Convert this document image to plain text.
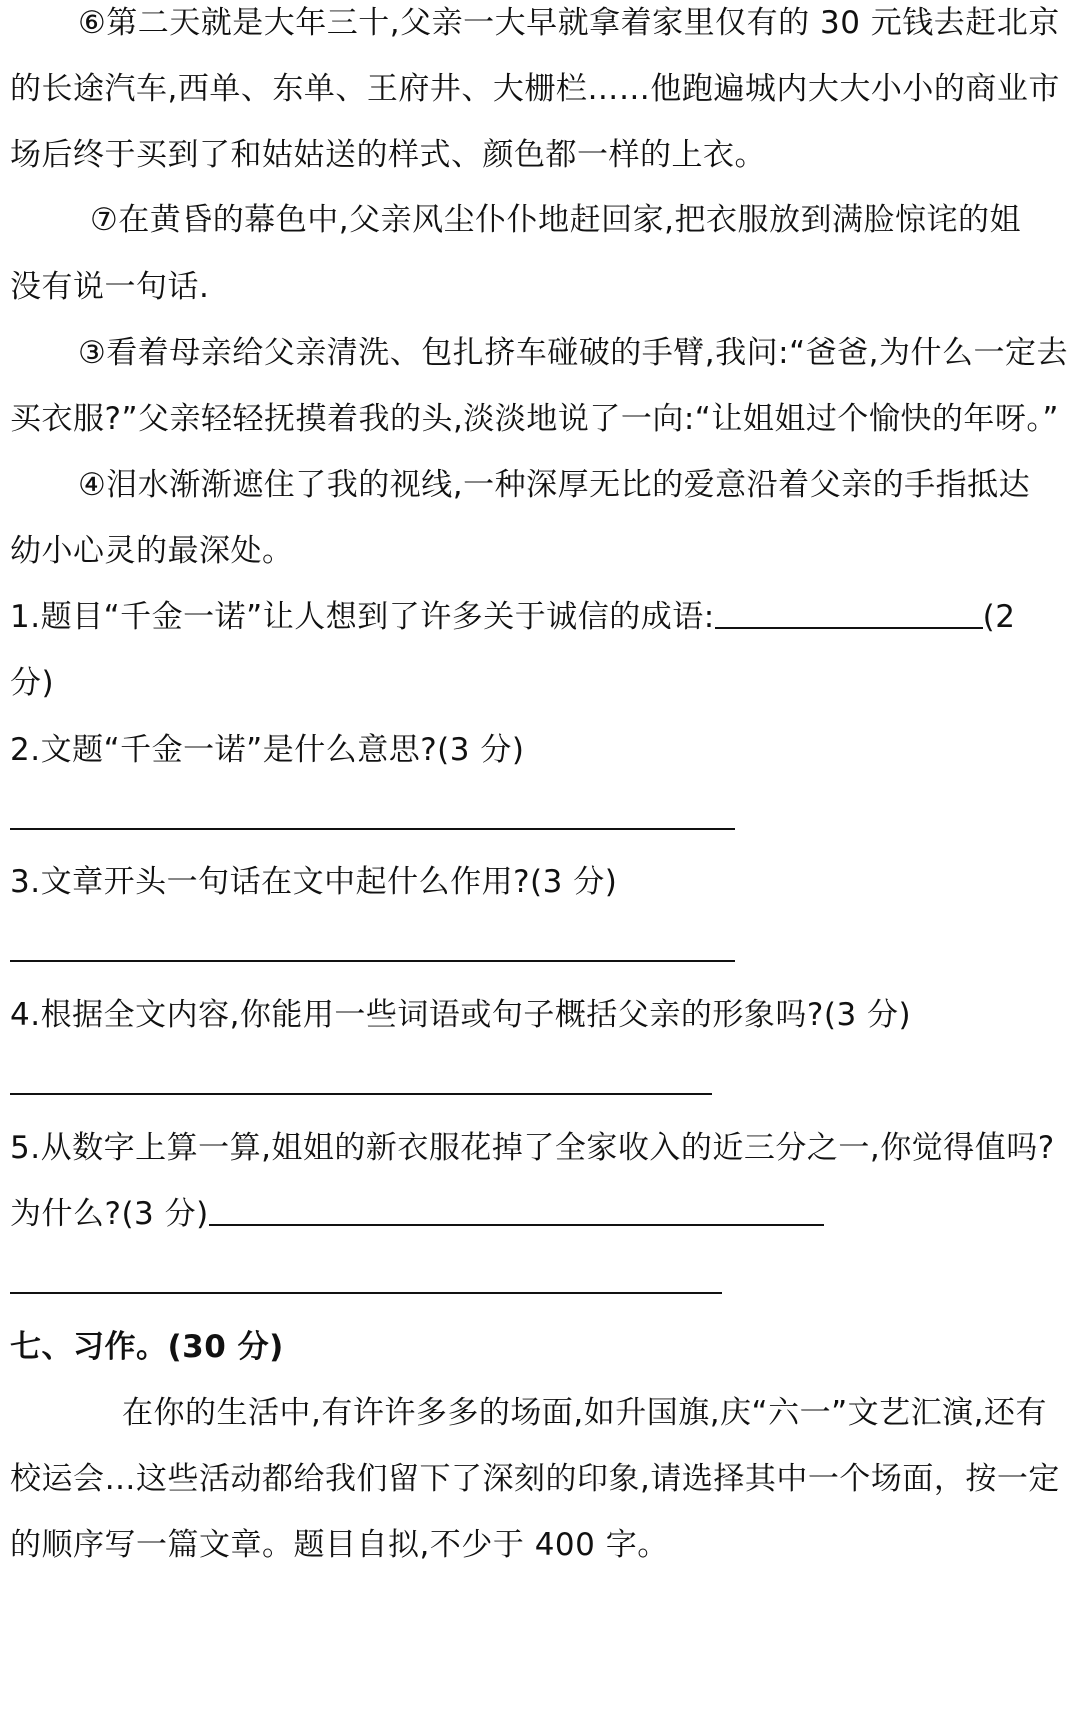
⑥第二天就是大年三十,父亲一大早就拿着家里仅有的 30 元钱去赶北京
的长途汽车,西单、东单、王府井、大栅栏……他跑遍城内大大小小的商业市
场后终于买到了和姑姑送的样式、颜色都一样的上衣。
⑦在黄昏的幕色中,父亲风尘仆仆地赶回家,把衣服放到满脸惊诧的姐
没有说一句话.
③看着母亲给父亲清洗、包扎挤车碰破的手臂,我问:“爸爸,为什么一定去
买衣服?”父亲轻轻抚摸着我的头,淡淡地说了一向:“让姐姐过个愉快的年呀。”
④泪水渐渐遮住了我的视线,一种深厚无比的爱意沿着父亲的手指抵达
幼小心灵的最深处。
1.题目“千金一诺”让人想到了许多关于诚信的成语:	(2
分)
2.文题“千金一诺”是什么意思?(3 分)
3.文章开头一句话在文中起什么作用?(3 分)
4.根据全文内容,你能用一些词语或句子概括父亲的形象吗?(3 分)
5.从数字上算一算,姐姐的新衣服花掉了全家收入的近三分之一,你觉得值吗?
为什么?(3 分)
七、习作。(30 分)
在你的生活中,有许许多多的场面,如升国旗,庆“六一”文艺汇演,还有
校运会…这些活动都给我们留下了深刻的印象,请选择其中一个场面，按一定
的顺序写一篇文章。题目自拟,不少于 400 字。
